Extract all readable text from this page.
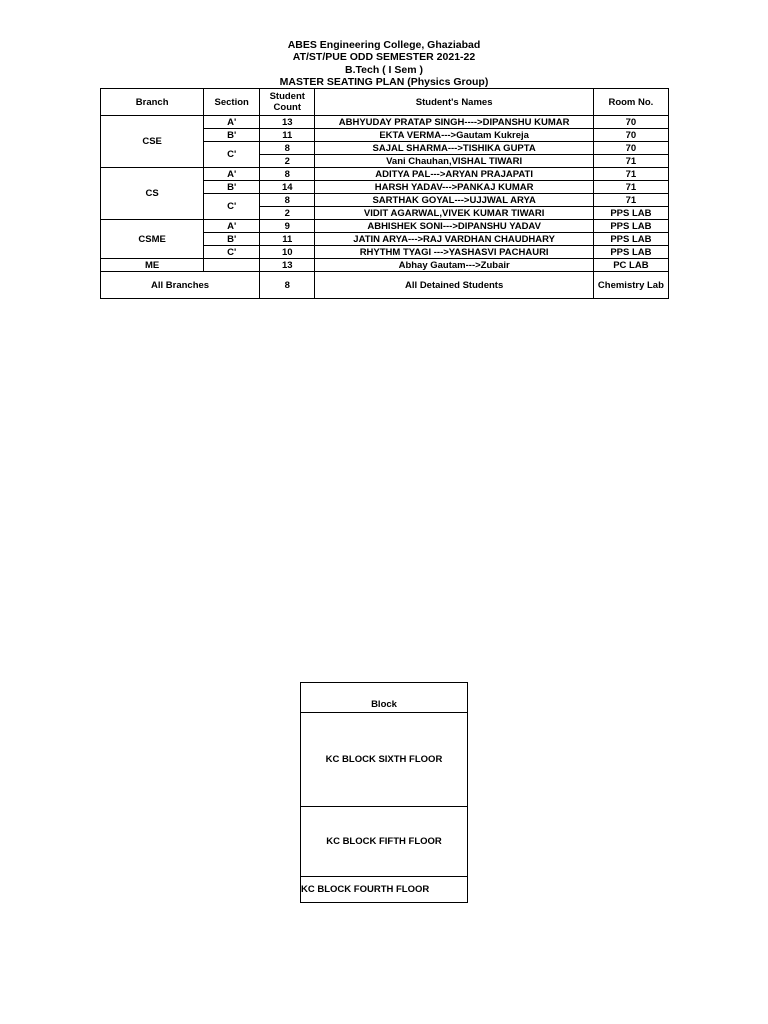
ABES Engineering College, Ghaziabad
AT/ST/PUE ODD SEMESTER 2021-22
B.Tech ( I Sem )
MASTER SEATING PLAN (Physics Group)
Branch	Section	Student Count	Student's Names	Room No.
CSE	A'	13	ABHYUDAY PRATAP SINGH---->DIPANSHU KUMAR	70
	B'	11	EKTA VERMA--->Gautam Kukreja	70
	C'	8	SAJAL SHARMA--->TISHIKA GUPTA	70
		2	Vani Chauhan,VISHAL TIWARI	71
CS	A'	8	ADITYA PAL--->ARYAN PRAJAPATI	71
	B'	14	HARSH YADAV--->PANKAJ KUMAR	71
	C'	8	SARTHAK GOYAL--->UJJWAL ARYA	71
		2	VIDIT AGARWAL,VIVEK KUMAR TIWARI	PPS LAB
CSME	A'	9	ABHISHEK SONI--->DIPANSHU YADAV	PPS LAB
	B'	11	JATIN ARYA--->RAJ VARDHAN CHAUDHARY	PPS LAB
	C'	10	RHYTHM TYAGI --->YASHASVI PACHAURI	PPS LAB
ME		13	Abhay Gautam--->Zubair	PC LAB
All Branches		8	All Detained Students	Chemistry Lab
Block
KC BLOCK SIXTH FLOOR
KC BLOCK FIFTH FLOOR
KC BLOCK FOURTH FLOOR
